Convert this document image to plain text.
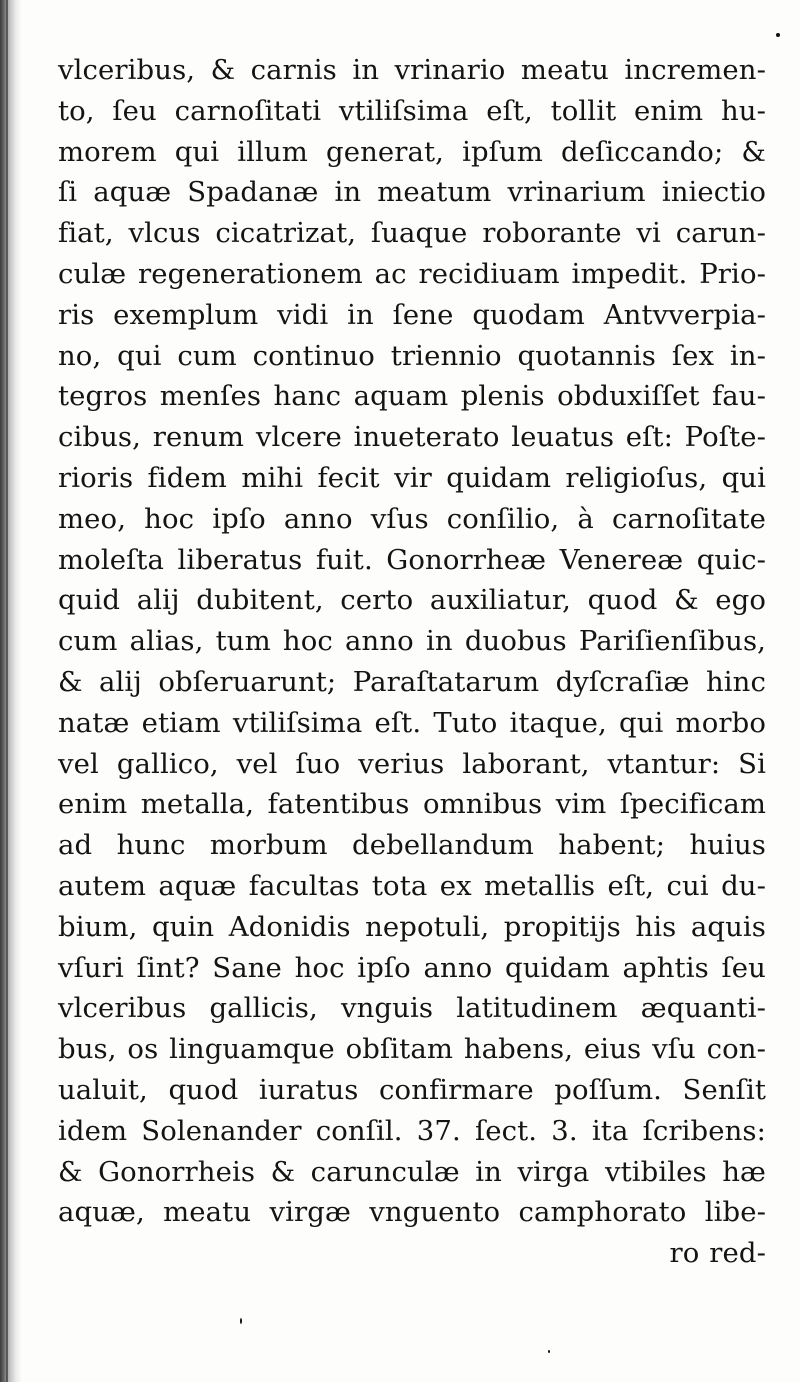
vlceribus, & carnis in vrinario meatu incremen-
to, ſeu carnoſitati vtiliſsima eſt, tollit enim hu-
morem qui illum generat, ipſum deſiccando; &
ſi aquæ Spadanæ in meatum vrinarium iniectio
fiat, vlcus cicatrizat, ſuaque roborante vi carun-
culæ regenerationem ac recidiuam impedit. Prio-
ris exemplum vidi in ſene quodam Antvverpia-
no, qui cum continuo triennio quotannis ſex in-
tegros menſes hanc aquam plenis obduxiſſet fau-
cibus, renum vlcere inueterato leuatus eſt: Poſte-
rioris fidem mihi fecit vir quidam religioſus, qui
meo, hoc ipſo anno vſus conſilio, à carnoſitate
moleſta liberatus fuit. Gonorrheæ Venereæ quic-
quid alij dubitent, certo auxiliatur, quod & ego
cum alias, tum hoc anno in duobus Pariſienſibus,
& alij obſeruarunt; Paraſtatarum dyſcraſiæ hinc
natæ etiam vtiliſsima eſt. Tuto itaque, qui morbo
vel gallico, vel ſuo verius laborant, vtantur: Si
enim metalla, fatentibus omnibus vim ſpecificam
ad hunc morbum debellandum habent; huius
autem aquæ facultas tota ex metallis eſt, cui du-
bium, quin Adonidis nepotuli, propitijs his aquis
vſuri ſint? Sane hoc ipſo anno quidam aphtis ſeu
vlceribus gallicis, vnguis latitudinem æquanti-
bus, os linguamque obſitam habens, eius vſu con-
ualuit, quod iuratus confirmare poſſum. Senſit
idem Solenander conſil. 37. ſect. 3. ita ſcribens:
& Gonorrheis & carunculæ in virga vtibiles hæ
aquæ, meatu virgæ vnguento camphorato libe-
ro red-
